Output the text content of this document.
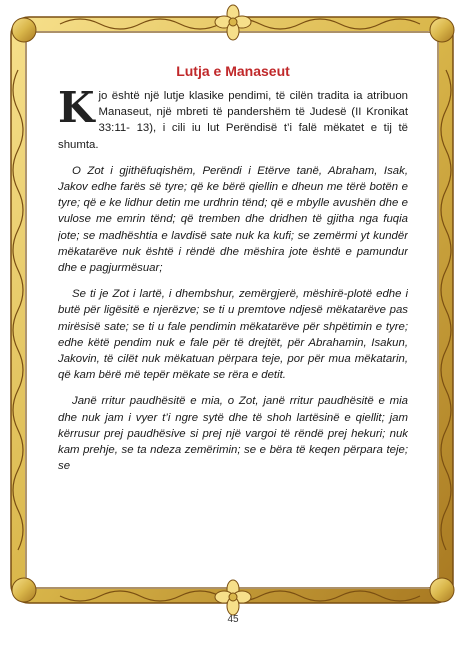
Lutja e Manaseut

Kjo është një lutje klasike pendimi, të cilën tradita ia atribuon Manaseut, një mbreti të pandershëm të Judesë (II Kronikat 33:11- 13), i cili iu lut Perëndisë t’i falë mëkatet e tij të shumta.

O Zot i gjithëfuqishëm, Perëndi i Etërve tanë, Abraham, Isak, Jakov edhe farës së tyre; që ke bërë qiellin e dheun me tërë botën e tyre; që e ke lidhur detin me urdhrin tënd; që e mbylle avushën dhe e vulose me emrin tënd; që tremben dhe dridhen të gjitha nga fuqia jote; se madhështia e lavdisë sate nuk ka kufi; se zemërmi yt kundër mëkatarëve nuk është i rëndë dhe mëshira jote është e pamundur dhe e pagjurmësuar;

Se ti je Zot i lartë, i dhembshur, zemërgjerë, mëshirë-plotë edhe i butë për ligësitë e njerëzve; se ti u premtove ndjesë mëkatarëve pas mirësisë sate; se ti u fale pendimin mëkatarëve për shpëtimin e tyre; edhe këtë pendim nuk e fale për të drejtët, për Abrahamin, Isakun, Jakovin, të cilët nuk mëkatuan përpara teje, por për mua mëkatarin, që kam bërë më tepër mëkate se rëra e detit.

Janë rritur paudhësitë e mia, o Zot, janë rritur paudhësitë e mia dhe nuk jam i vyer t’i ngre sytë dhe të shoh lartësinë e qiellit; jam kërrusur prej paudhësive si prej një vargoi të rëndë prej hekuri; nuk kam prehje, se ta ndeza zemërimin; se e bëra të keqen përpara teje; se

45
